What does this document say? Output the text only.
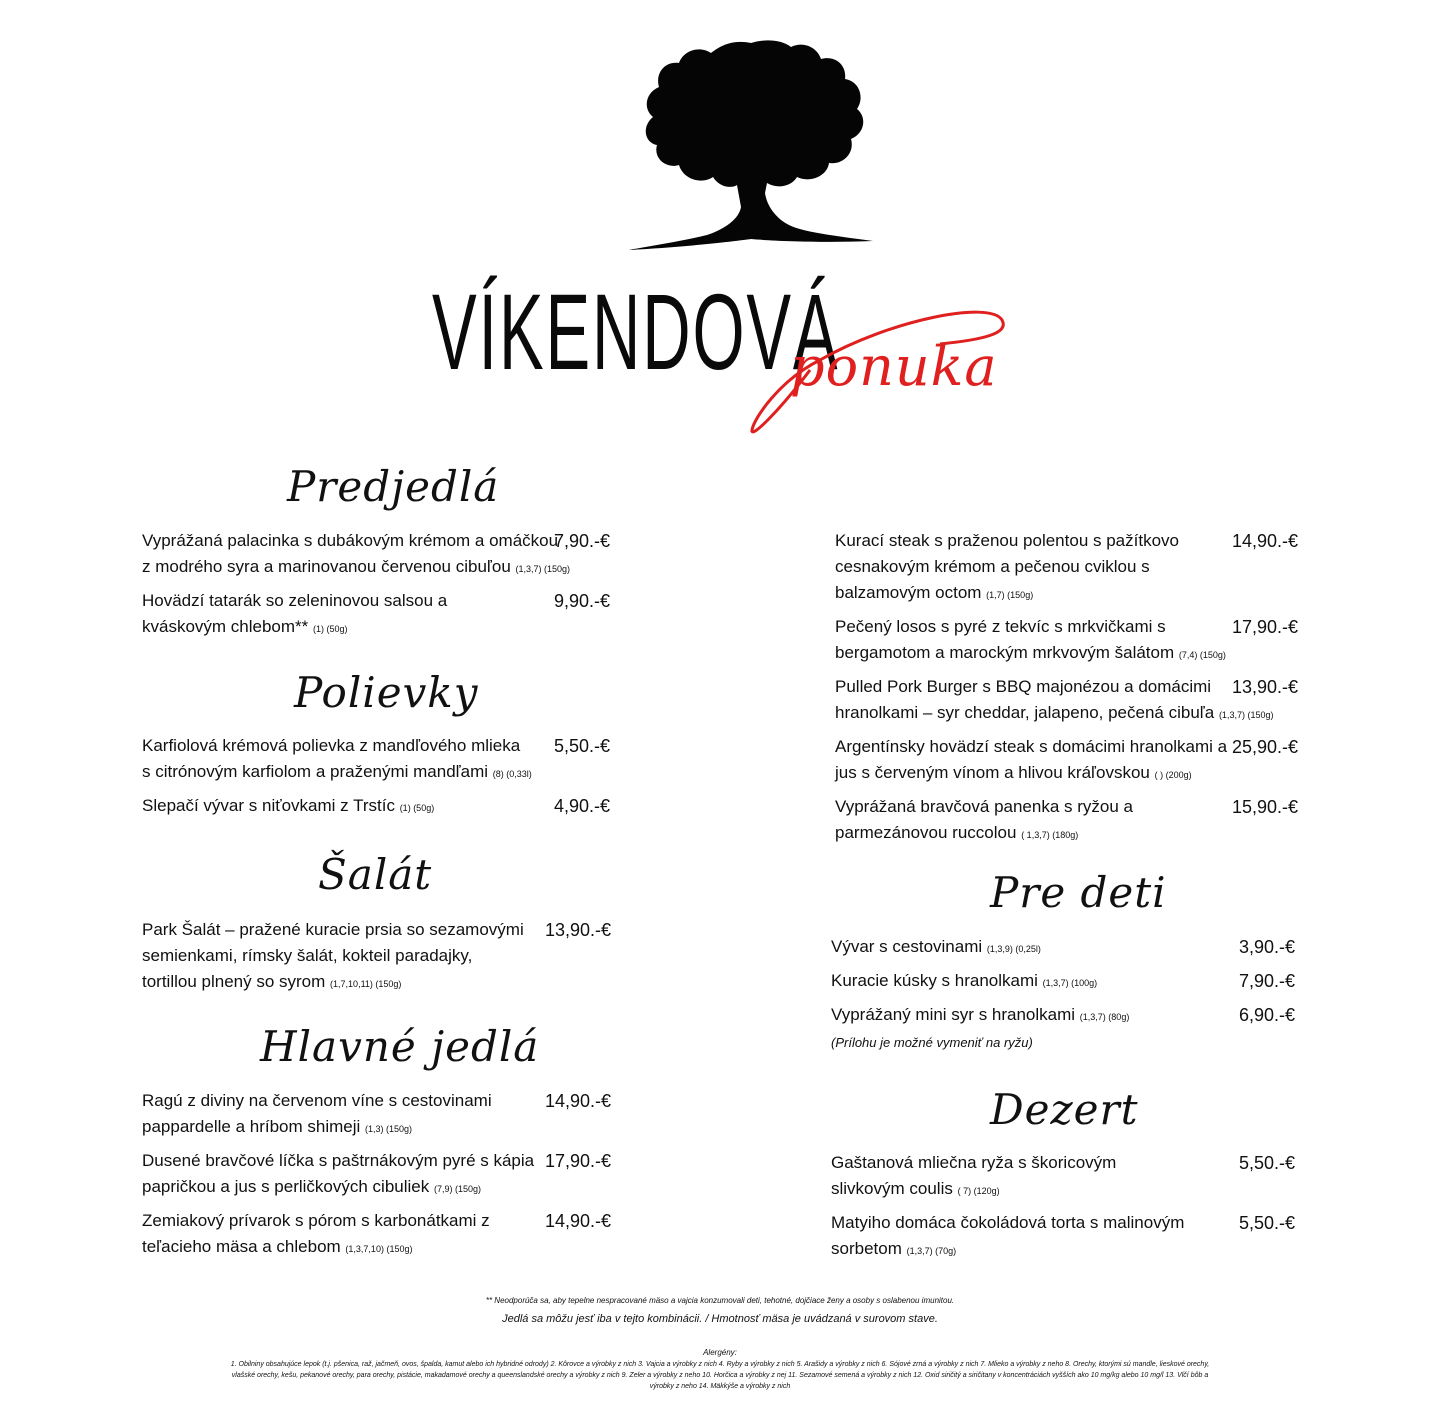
VÍKENDOVÁ
ponuka
Predjedlá
Vyprážaná palacinka s dubákovým krémom a omáčkou
z modrého syra a marinovanou červenou cibuľou (1,3,7) (150g)
7,90.-€
Hovädzí tatarák so zeleninovou salsou a
kváskovým chlebom** (1) (50g)
9,90.-€
Polievky
Karfiolová krémová polievka z mandľového mlieka
s citrónovým karfiolom a praženými mandľami (8) (0,33l)
5,50.-€
Slepačí vývar s niťovkami z Trstíc (1) (50g)	4,90.-€
Šalát
Park Šalát – pražené kuracie prsia so sezamovými
semienkami, rímsky šalát, kokteil paradajky,
tortillou plnený so syrom (1,7,10,11) (150g)
13,90.-€
Hlavné jedlá
Ragú z diviny na červenom víne s cestovinami
pappardelle a hríbom shimeji (1,3) (150g)
14,90.-€
Dusené bravčové líčka s paštrnákovým pyré s kápia
papričkou a jus s perličkových cibuliek (7,9) (150g)
17,90.-€
Zemiakový prívarok s pórom s karbonátkami z
teľacieho mäsa a chlebom (1,3,7,10) (150g)
14,90.-€
Kurací steak s praženou polentou s pažítkovo
cesnakovým krémom a pečenou cviklou s
balzamovým octom (1,7) (150g)
14,90.-€
Pečený losos s pyré z tekvíc s mrkvičkami s
bergamotom a marockým mrkvovým šalátom (7,4) (150g)
17,90.-€
Pulled Pork Burger s BBQ majonézou a domácimi
hranolkami – syr cheddar, jalapeno, pečená cibuľa (1,3,7) (150g)
13,90.-€
Argentínsky hovädzí steak s domácimi hranolkami a
jus s červeným vínom a hlivou kráľovskou ( ) (200g)
25,90.-€
Vyprážaná bravčová panenka s ryžou a
parmezánovou ruccolou ( 1,3,7) (180g)
15,90.-€
Pre deti
Vývar s cestovinami (1,3,9) (0,25l)	3,90.-€
Kuracie kúsky s hranolkami (1,3,7) (100g)	7,90.-€
Vyprážaný mini syr s hranolkami (1,3,7) (80g)	6,90.-€
(Prílohu je možné vymeniť na ryžu)
Dezert
Gaštanová mliečna ryža s škoricovým
slivkovým coulis ( 7) (120g)
5,50.-€
Matyiho domáca čokoládová torta s malinovým
sorbetom (1,3,7) (70g)
5,50.-€
** Neodporúča sa, aby tepelne nespracované mäso a vajcia konzumovali deti, tehotné, dojčiace ženy a osoby s oslabenou imunitou.
Jedlá sa môžu jesť iba v tejto kombinácii. / Hmotnosť mäsa je uvádzaná v surovom stave.
Alergény:
1. Obilniny obsahujúce lepok (t.j. pšenica, raž, jačmeň, ovos, špalda, kamut alebo ich hybridné odrody) 2. Kôrovce a výrobky z nich 3. Vajcia a výrobky z nich 4. Ryby a výrobky z nich 5. Arašidy a výrobky z nich 6. Sójové zrná a výrobky z nich 7. Mlieko a výrobky z neho 8. Orechy, ktorými sú mandle, lieskové orechy, vlašské orechy, kešu, pekanové orechy, para orechy, pistácie, makadamové orechy a queenslandské orechy a výrobky z nich 9. Zeler a výrobky z neho 10. Horčica a výrobky z nej 11. Sezamové semená a výrobky z nich 12. Oxid siričitý a siričitany v koncentráciách vyšších ako 10 mg/kg alebo 10 mg/l 13. Vlčí bôb a výrobky z neho 14. Mäkkýše a výrobky z nich
